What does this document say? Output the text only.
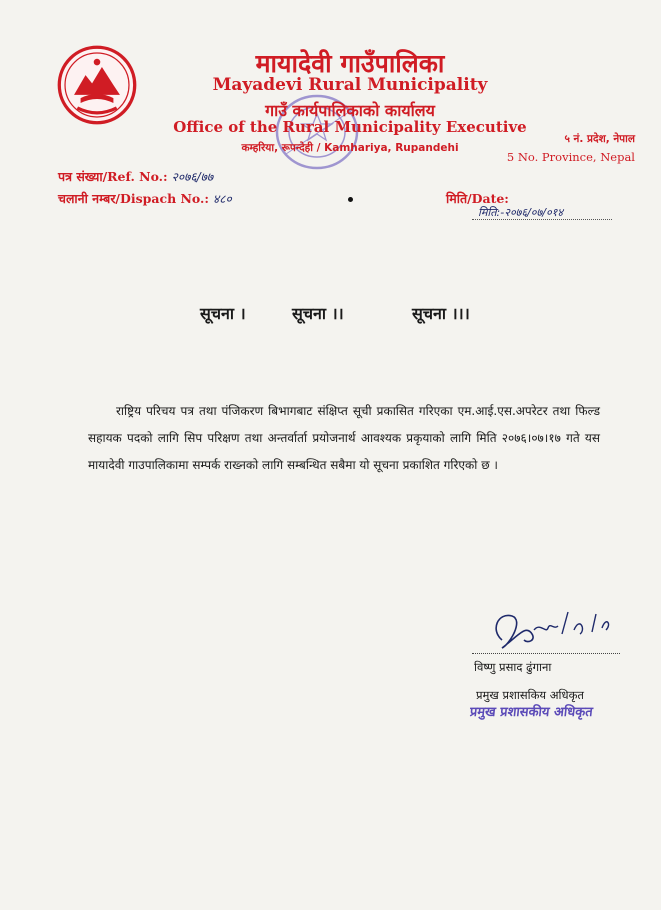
मायादेवी गाउँपालिका
Mayadevi Rural Municipality
गाउँ कार्यपालिकाको कार्यालय
Office of the Rural Municipality Executive
कम्हरिया, रूपन्देही / Kamhariya, Rupandehi
५ नं. प्रदेश, नेपाल
5 No. Province, Nepal
पत्र संख्या/Ref. No.: २०७६/७७
चलानी नम्बर/Dispach No.: ४८०	मिति/Date:
मिति:-२०७६/०७/०१४
सूचना ।	सूचना ।।	सूचना ।।।

राष्ट्रिय परिचय पत्र तथा पंजिकरण बिभागबाट संक्षिप्त सूची प्रकासित गरिएका एम.आई.एस.अपरेटर तथा फिल्ड सहायक पदको लागि सिप परिक्षण तथा अन्तर्वार्ता प्रयोजनार्थ आवश्यक प्रकृयाको लागि मिति २०७६।०७।१७ गते यस मायादेवी गाउपालिकामा सम्पर्क राख्नको लागि सम्बन्धित सबैमा यो सूचना प्रकाशित गरिएको छ ।

विष्णु प्रसाद ढुंगाना
प्रमुख प्रशासकिय अधिकृत
प्रमुख प्रशासकीय अधिकृत
